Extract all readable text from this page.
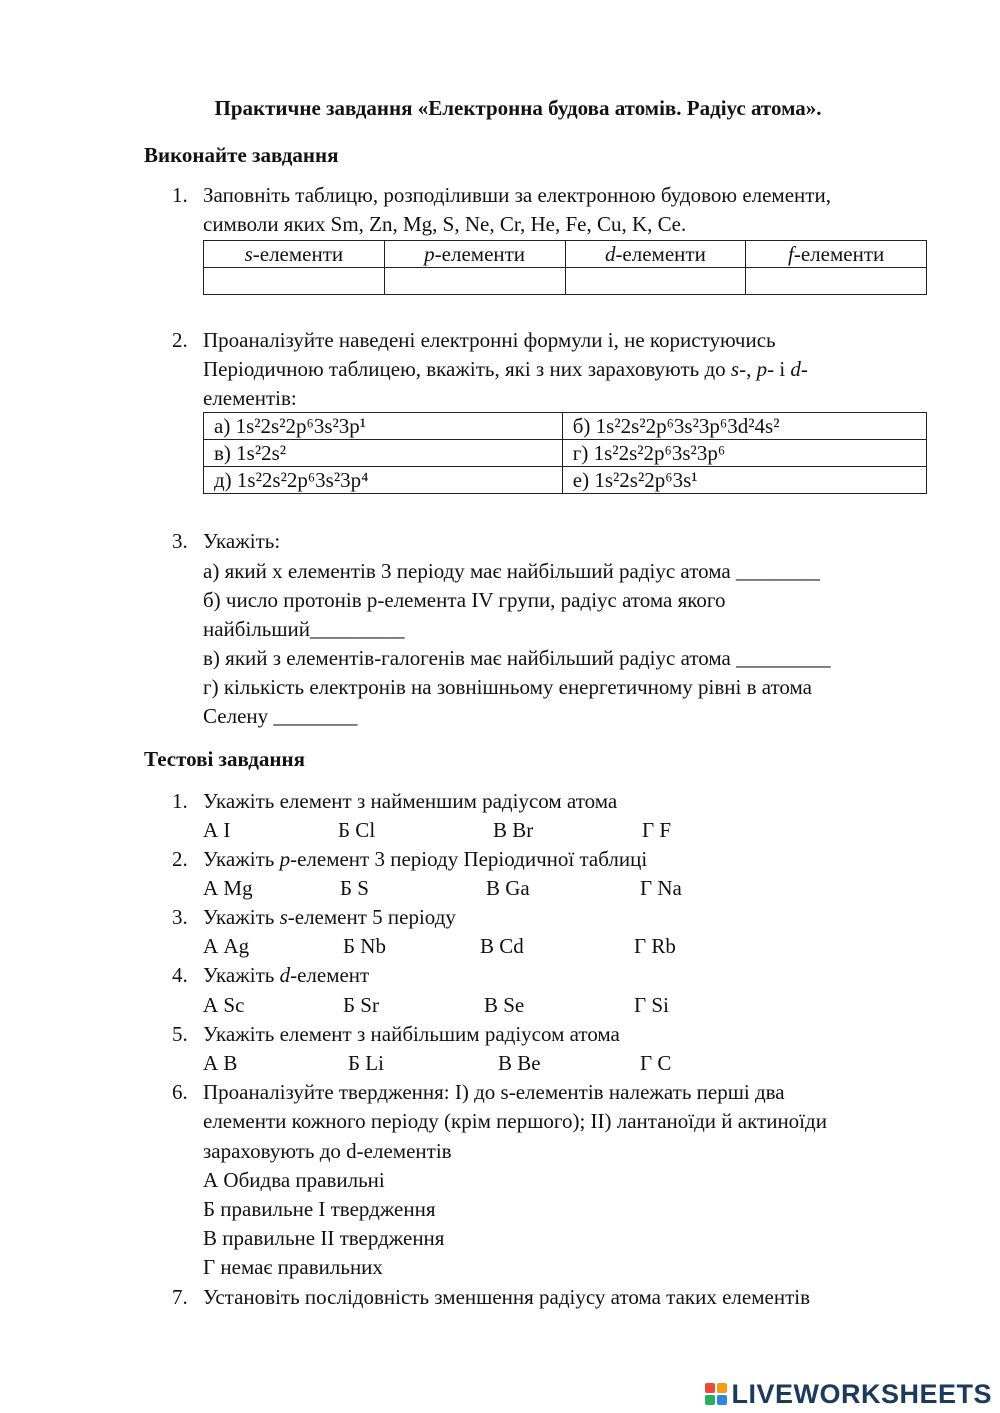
Практичне завдання «Електронна будова атомів. Радіус атома».
Виконайте завдання
1. Заповніть таблицю, розподіливши за електронною будовою елементи,
символи яких Sm, Zn, Mg, S, Ne, Cr, He, Fe, Cu, K, Ce.
s-елементи	p-елементи	d-елементи	f-елементи

2. Проаналізуйте наведені електронні формули і, не користуючись
Періодичною таблицею, вкажіть, які з них зараховують до s-, p- і d-
елементів:
а) 1s²2s²2p⁶3s²3p¹	б) 1s²2s²2p⁶3s²3p⁶3d²4s²
в) 1s²2s²	г) 1s²2s²2p⁶3s²3p⁶
д) 1s²2s²2p⁶3s²3p⁴	е) 1s²2s²2p⁶3s¹
3. Укажіть:
а) який х елементів 3 періоду має найбільший радіус атома ________
б) число протонів р-елемента IV групи, радіус атома якого
найбільший_________
в) який з елементів-галогенів має найбільший радіус атома _________
г) кількість електронів на зовнішньому енергетичному рівні в атома
Селену ________
Тестові завдання
1. Укажіть елемент з найменшим радіусом атома
А I	Б Cl	В Br	Г F
2. Укажіть p-елемент 3 періоду Періодичної таблиці
А Mg	Б S	В Ga	Г Na
3. Укажіть s-елемент 5 періоду
А Ag	Б Nb	В Cd	Г Rb
4. Укажіть d-елемент
А Sc	Б Sr	В Se	Г Si
5. Укажіть елемент з найбільшим радіусом атома
А B	Б Li	В Be	Г C
6. Проаналізуйте твердження: I) до s-елементів належать перші два
елементи кожного періоду (крім першого); II) лантаноїди й актиноїди
зараховують до d-елементів
А Обидва правильні
Б правильне I твердження
В правильне II твердження
Г немає правильних
7. Установіть послідовність зменшення радіусу атома таких елементів
LIVEWORKSHEETS
